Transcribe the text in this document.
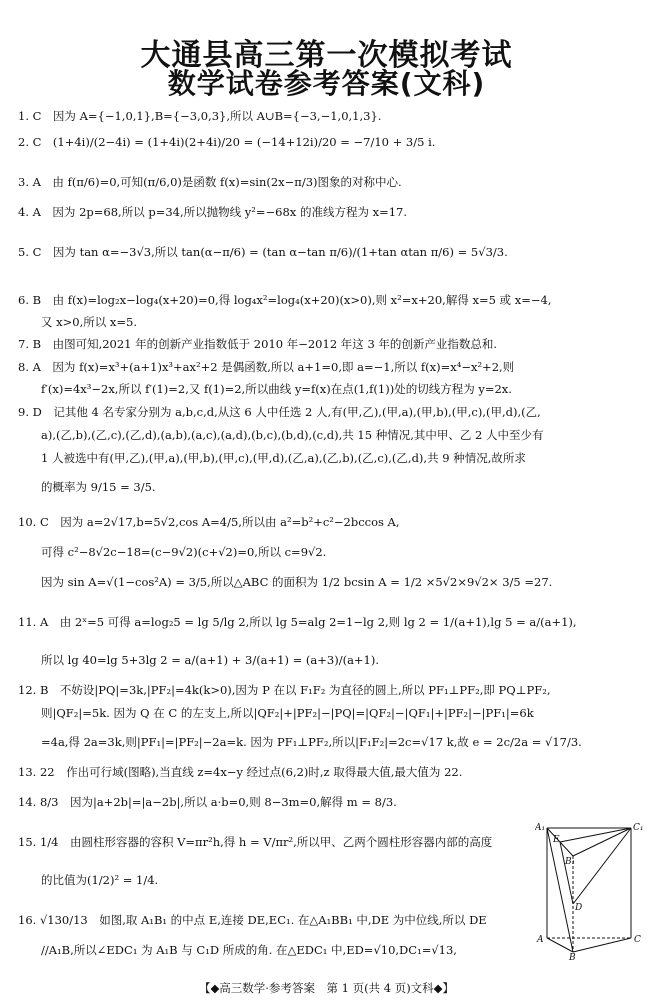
大通县高三第一次模拟考试
数学试卷参考答案(文科)
1. C　因为 A={−1,0,1},B={−3,0,3},所以 A∪B={−3,−1,0,1,3}.
2. C　(1+4i)/(2−4i) = (1+4i)(2+4i)/20 = (−14+12i)/20 = −7/10 + 3/5 i.
3. A　由 f(π/6)=0,可知(π/6,0)是函数 f(x)=sin(2x−π/3)图象的对称中心.
4. A　因为 2p=68,所以 p=34,所以抛物线 y²=−68x 的准线方程为 x=17.
5. C　因为 tan α=−3√3,所以 tan(α−π/6) = (tan α−tan π/6)/(1+tan αtan π/6) = 5√3/3.
6. B　由 f(x)=log₂x−log₄(x+20)=0,得 log₄x²=log₄(x+20)(x>0),则 x²=x+20,解得 x=5 或 x=−4,
　　又 x>0,所以 x=5.
7. B　由图可知,2021 年的创新产业指数低于 2010 年−2012 年这 3 年的创新产业指数总和.
8. A　因为 f(x)=x³+(a+1)x³+ax²+2 是偶函数,所以 a+1=0,即 a=−1,所以 f(x)=x⁴−x²+2,则
　　f′(x)=4x³−2x,所以 f′(1)=2,又 f(1)=2,所以曲线 y=f(x)在点(1,f(1))处的切线方程为 y=2x.
9. D　记其他 4 名专家分别为 a,b,c,d,从这 6 人中任选 2 人,有(甲,乙),(甲,a),(甲,b),(甲,c),(甲,d),(乙,
　　a),(乙,b),(乙,c),(乙,d),(a,b),(a,c),(a,d),(b,c),(b,d),(c,d),共 15 种情况,其中甲、乙 2 人中至少有
　　1 人被选中有(甲,乙),(甲,a),(甲,b),(甲,c),(甲,d),(乙,a),(乙,b),(乙,c),(乙,d),共 9 种情况,故所求
　　的概率为 9/15 = 3/5.
10. C　因为 a=2√17,b=5√2,cos A=4/5,所以由 a²=b²+c²−2bccos A,
　　可得 c²−8√2c−18=(c−9√2)(c+√2)=0,所以 c=9√2.
　　因为 sin A=√(1−cos²A) = 3/5,所以△ABC 的面积为 1/2 bcsin A = 1/2 ×5√2×9√2× 3/5 =27.
11. A　由 2ˣ=5 可得 a=log₂5 = lg 5/lg 2,所以 lg 5=alg 2=1−lg 2,则 lg 2 = 1/(a+1),lg 5 = a/(a+1),
　　所以 lg 40=lg 5+3lg 2 = a/(a+1) + 3/(a+1) = (a+3)/(a+1).
12. B　不妨设|PQ|=3k,|PF₂|=4k(k>0),因为 P 在以 F₁F₂ 为直径的圆上,所以 PF₁⊥PF₂,即 PQ⊥PF₂,
　　则|QF₂|=5k. 因为 Q 在 C 的左支上,所以|QF₂|+|PF₂|−|PQ|=|QF₂|−|QF₁|+|PF₂|−|PF₁|=6k
　　=4a,得 2a=3k,则|PF₁|=|PF₂|−2a=k. 因为 PF₁⊥PF₂,所以|F₁F₂|=2c=√17 k,故 e = 2c/2a = √17/3.
13. 22　作出可行域(图略),当直线 z=4x−y 经过点(6,2)时,z 取得最大值,最大值为 22.
14. 8/3　因为|a+2b|=|a−2b|,所以 a·b=0,则 8−3m=0,解得 m = 8/3.
15. 1/4　由圆柱形容器的容积 V=πr²h,得 h = V/πr²,所以甲、乙两个圆柱形容器内部的高度
　　的比值为(1/2)² = 1/4.
16. √130/13　如图,取 A₁B₁ 的中点 E,连接 DE,EC₁. 在△A₁BB₁ 中,DE 为中位线,所以 DE
　　//A₁B,所以∠EDC₁ 为 A₁B 与 C₁D 所成的角. 在△EDC₁ 中,ED=√10,DC₁=√13,
A₁	C₁
E
B₁
D
A	C
B
【◆高三数学·参考答案　第 1 页(共 4 页)文科◆】
